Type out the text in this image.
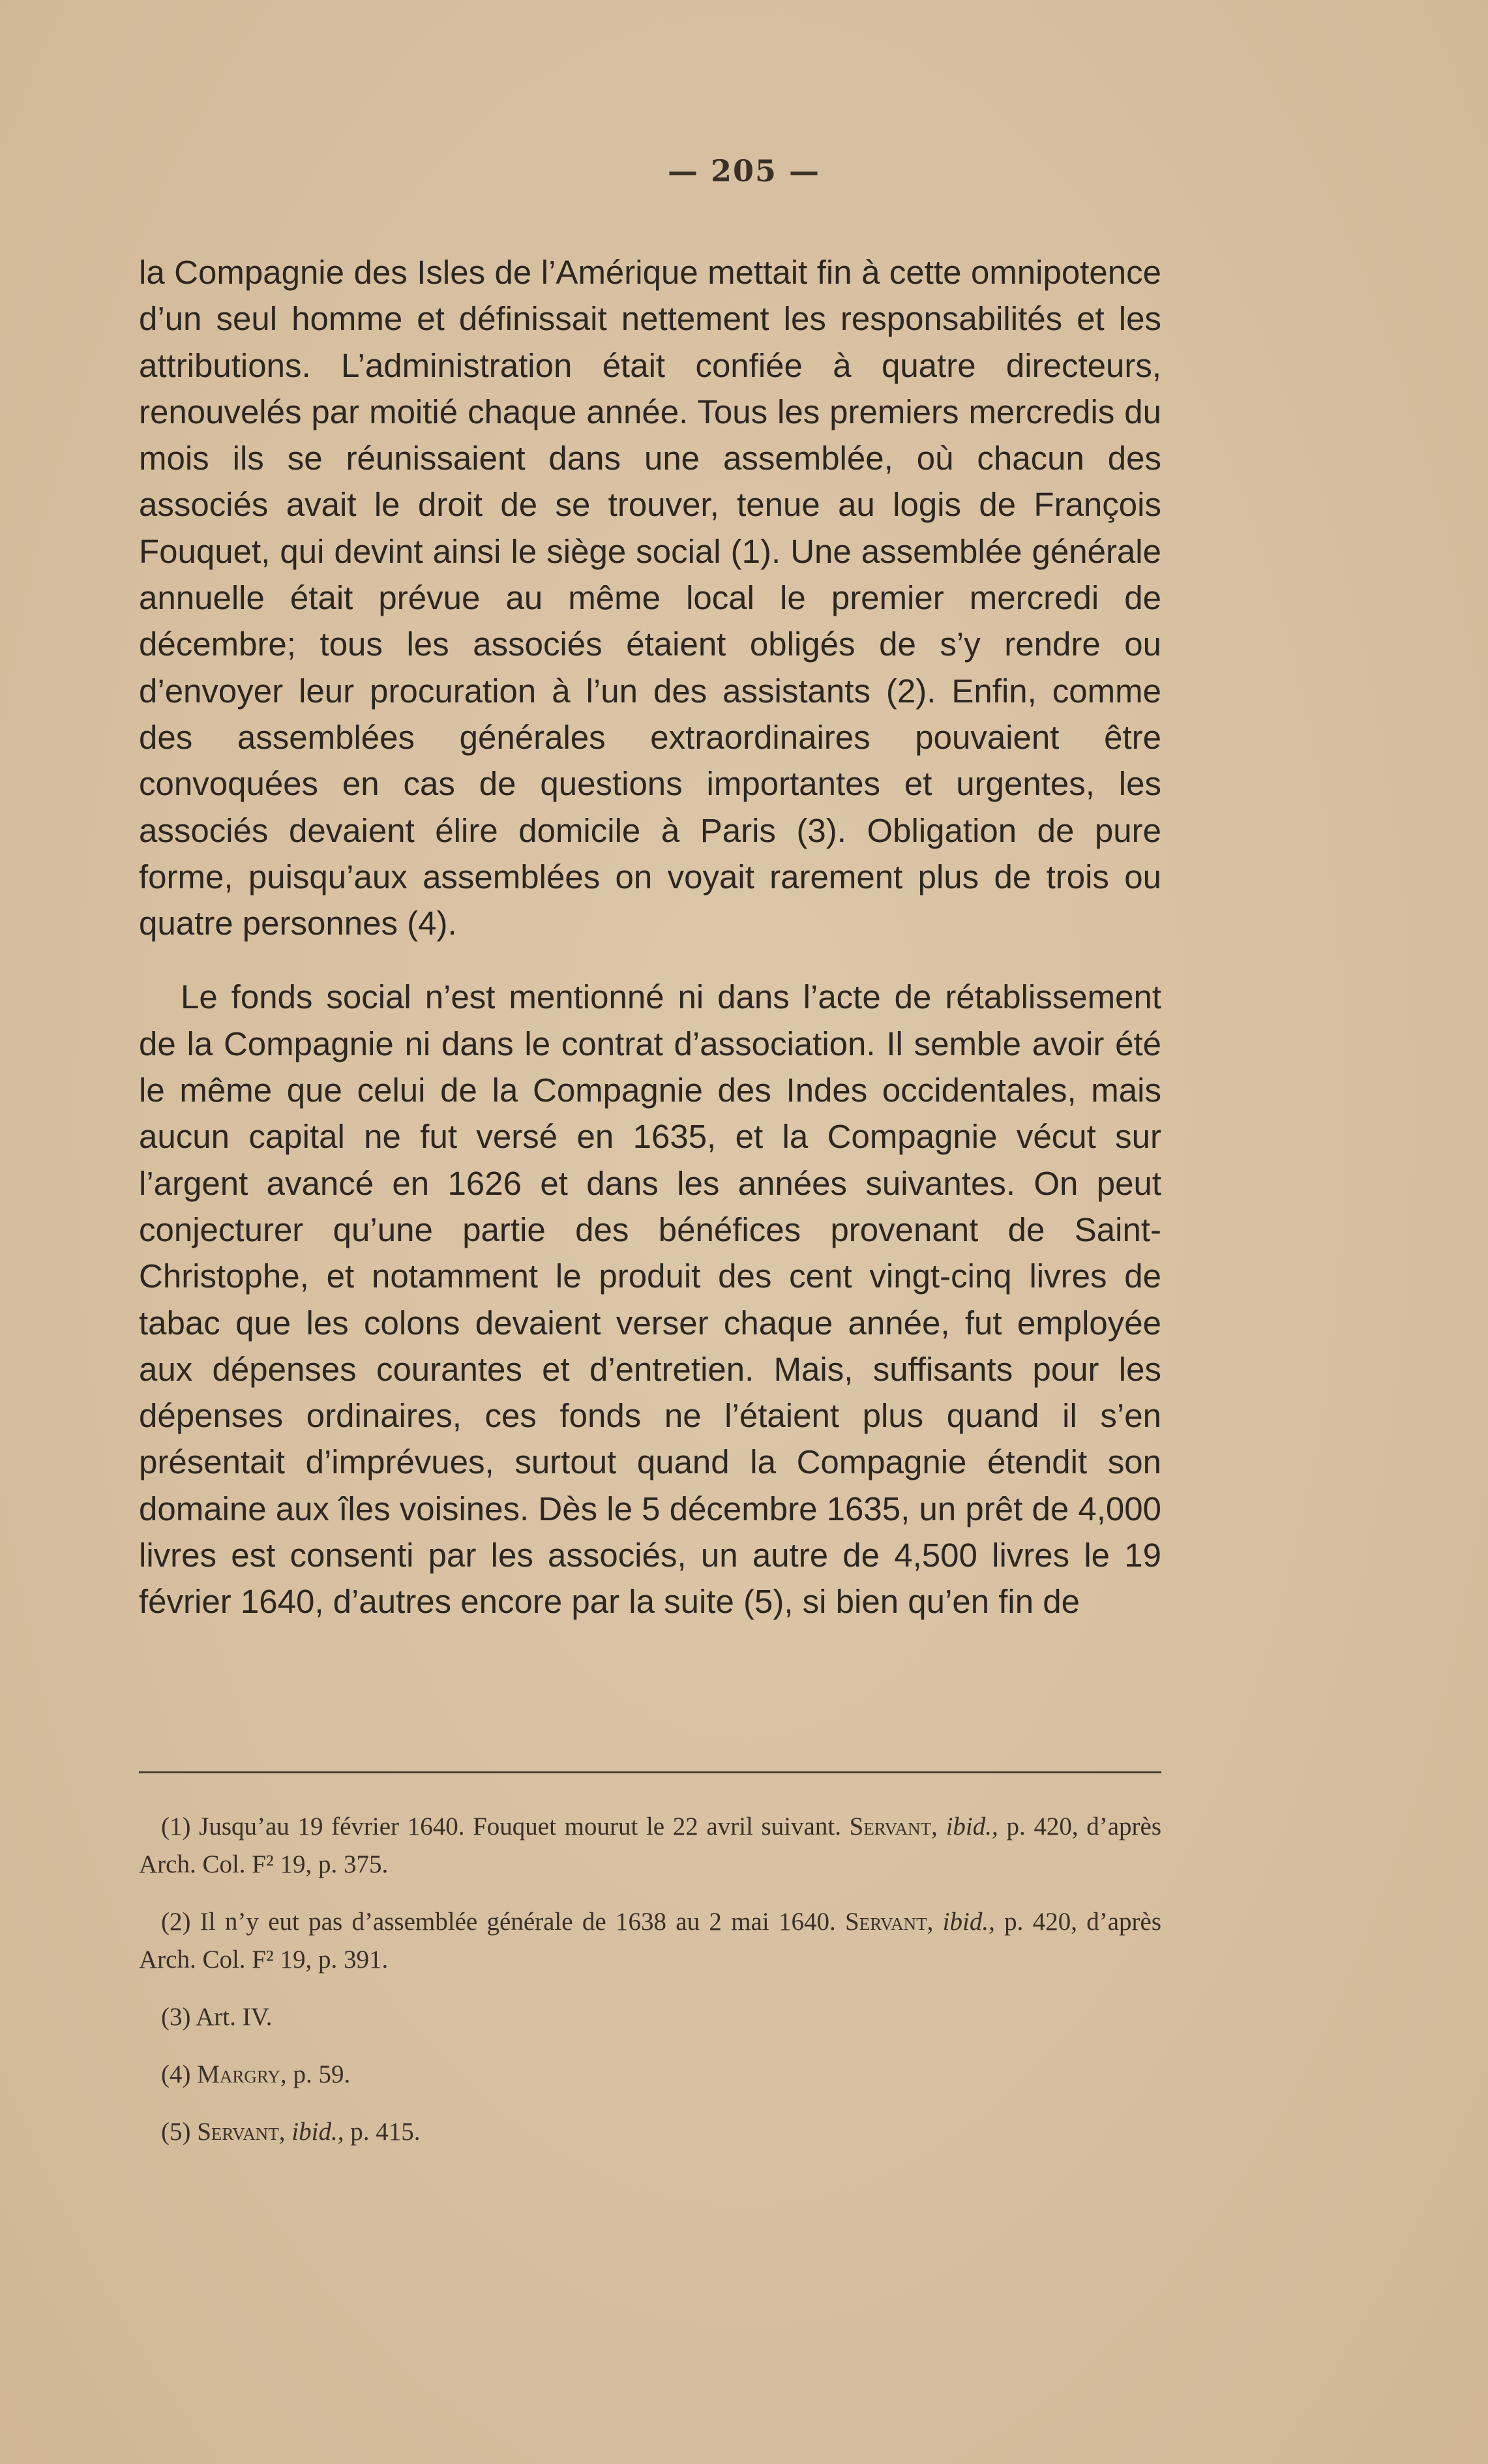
— 205 —

la Compagnie des Isles de l’Amérique mettait fin à cette omnipotence d’un seul homme et définissait nettement les responsabilités et les attributions. L’administration était confiée à quatre directeurs, renouvelés par moitié chaque année. Tous les premiers mercredis du mois ils se réunissaient dans une assemblée, où chacun des associés avait le droit de se trouver, tenue au logis de François Fouquet, qui devint ainsi le siège social (1). Une assemblée générale annuelle était prévue au même local le premier mercredi de décembre; tous les associés étaient obligés de s’y rendre ou d’envoyer leur procuration à l’un des assistants (2). Enfin, comme des assemblées générales extraordinaires pouvaient être convoquées en cas de questions importantes et urgentes, les associés devaient élire domicile à Paris (3). Obligation de pure forme, puisqu’aux assemblées on voyait rarement plus de trois ou quatre personnes (4).

Le fonds social n’est mentionné ni dans l’acte de rétablissement de la Compagnie ni dans le contrat d’association. Il semble avoir été le même que celui de la Compagnie des Indes occidentales, mais aucun capital ne fut versé en 1635, et la Compagnie vécut sur l’argent avancé en 1626 et dans les années suivantes. On peut conjecturer qu’une partie des bénéfices provenant de Saint-Christophe, et notamment le produit des cent vingt-cinq livres de tabac que les colons devaient verser chaque année, fut employée aux dépenses courantes et d’entretien. Mais, suffisants pour les dépenses ordinaires, ces fonds ne l’étaient plus quand il s’en présentait d’imprévues, surtout quand la Compagnie étendit son domaine aux îles voisines. Dès le 5 décembre 1635, un prêt de 4,000 livres est consenti par les associés, un autre de 4,500 livres le 19 février 1640, d’autres encore par la suite (5), si bien qu’en fin de

(1) Jusqu’au 19 février 1640. Fouquet mourut le 22 avril suivant. Servant, ibid., p. 420, d’après Arch. Col. F² 19, p. 375.

(2) Il n’y eut pas d’assemblée générale de 1638 au 2 mai 1640. Servant, ibid., p. 420, d’après Arch. Col. F² 19, p. 391.

(3) Art. IV.

(4) Margry, p. 59.

(5) Servant, ibid., p. 415.
